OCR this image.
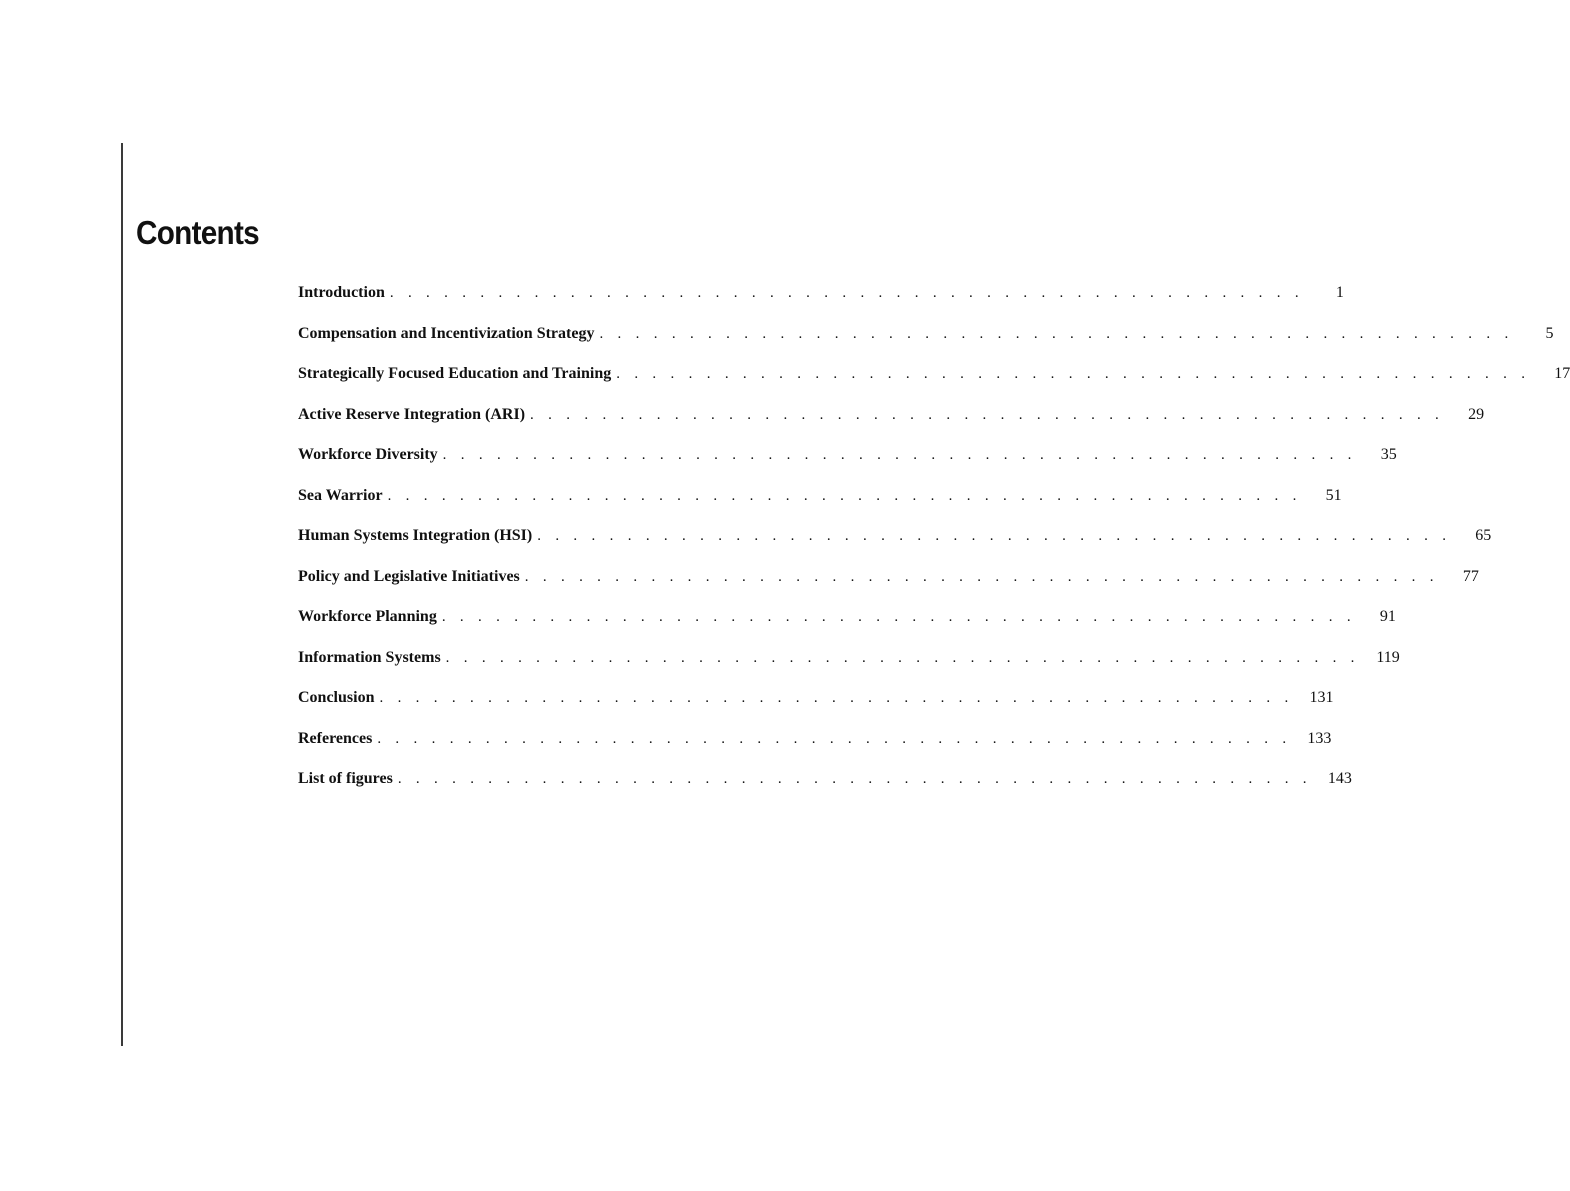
Contents
Introduction . . . . . . . . . . . . . . . . . . . . . . . . . . . . . . . . . . . . . . . . . . . . . . . . . . .	1
Compensation and Incentivization Strategy . . . . . . . . . . . . . . . . . . . . . . . . . . . . . . . . . . . . . . . . . . . . . . . . . . .	5
Strategically Focused Education and Training . . . . . . . . . . . . . . . . . . . . . . . . . . . . . . . . . . . . . . . . . . . . . . . . . . .	17
Active Reserve Integration (ARI) . . . . . . . . . . . . . . . . . . . . . . . . . . . . . . . . . . . . . . . . . . . . . . . . . . .	29
Workforce Diversity . . . . . . . . . . . . . . . . . . . . . . . . . . . . . . . . . . . . . . . . . . . . . . . . . . .	35
Sea Warrior . . . . . . . . . . . . . . . . . . . . . . . . . . . . . . . . . . . . . . . . . . . . . . . . . . .	51
Human Systems Integration (HSI) . . . . . . . . . . . . . . . . . . . . . . . . . . . . . . . . . . . . . . . . . . . . . . . . . . .	65
Policy and Legislative Initiatives . . . . . . . . . . . . . . . . . . . . . . . . . . . . . . . . . . . . . . . . . . . . . . . . . . .	77
Workforce Planning . . . . . . . . . . . . . . . . . . . . . . . . . . . . . . . . . . . . . . . . . . . . . . . . . . .	91
Information Systems . . . . . . . . . . . . . . . . . . . . . . . . . . . . . . . . . . . . . . . . . . . . . . . . . . . 119
Conclusion . . . . . . . . . . . . . . . . . . . . . . . . . . . . . . . . . . . . . . . . . . . . . . . . . . . 131
References . . . . . . . . . . . . . . . . . . . . . . . . . . . . . . . . . . . . . . . . . . . . . . . . . . . 133
List of figures . . . . . . . . . . . . . . . . . . . . . . . . . . . . . . . . . . . . . . . . . . . . . . . . . . . 143
